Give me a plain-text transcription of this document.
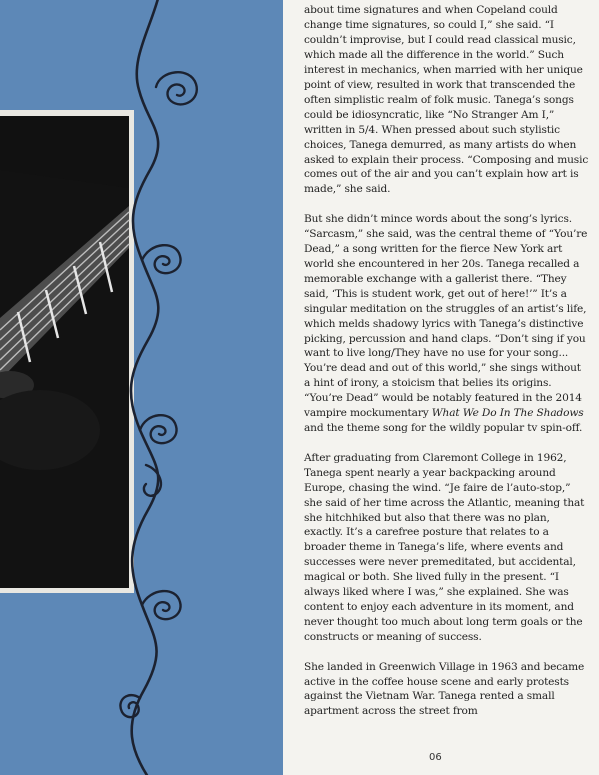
about time signatures and when Copeland could change time signatures, so could I,” she said. “I couldn’t improvise, but I could read classical music, which made all the difference in the world.” Such interest in mechanics, when married with her unique point of view, resulted in work that transcended the often simplistic realm of folk music. Tanega’s songs could be idiosyncratic, like “No Stranger Am I,” written in 5/4. When pressed about such stylistic choices, Tanega demurred, as many artists do when asked to explain their process. “Composing and music comes out of the air and you can’t explain how art is made,” she said.

But she didn’t mince words about the song’s lyrics. “Sarcasm,” she said, was the central theme of “You’re Dead,” a song written for the fierce New York art world she encountered in her 20s. Tanega recalled a memorable exchange with a gallerist there. “They said, ‘This is student work, get out of here!’” It’s a singular meditation on the struggles of an artist’s life, which melds shadowy lyrics with Tanega’s distinctive picking, percussion and hand claps. “Don’t sing if you want to live long/They have no use for your song... You’re dead and out of this world,” she sings without a hint of irony, a stoicism that belies its origins. “You’re Dead” would be notably featured in the 2014 vampire mockumentary What We Do In The Shadows and the theme song for the wildly popular tv spin-off.

After graduating from Claremont College in 1962, Tanega spent nearly a year backpacking around Europe, chasing the wind. “Je faire de l’auto-stop,” she said of her time across the Atlantic, meaning that she hitchhiked but also that there was no plan, exactly. It’s a carefree posture that relates to a broader theme in Tanega’s life, where events and successes were never premeditated, but accidental, magical or both. She lived fully in the present. “I always liked where I was,” she explained. She was content to enjoy each adventure in its moment, and never thought too much about long term goals or the constructs or meaning of success.

She landed in Greenwich Village in 1963 and became active in the coffee house scene and early protests against the Vietnam War. Tanega rented a small apartment across the street from

06
